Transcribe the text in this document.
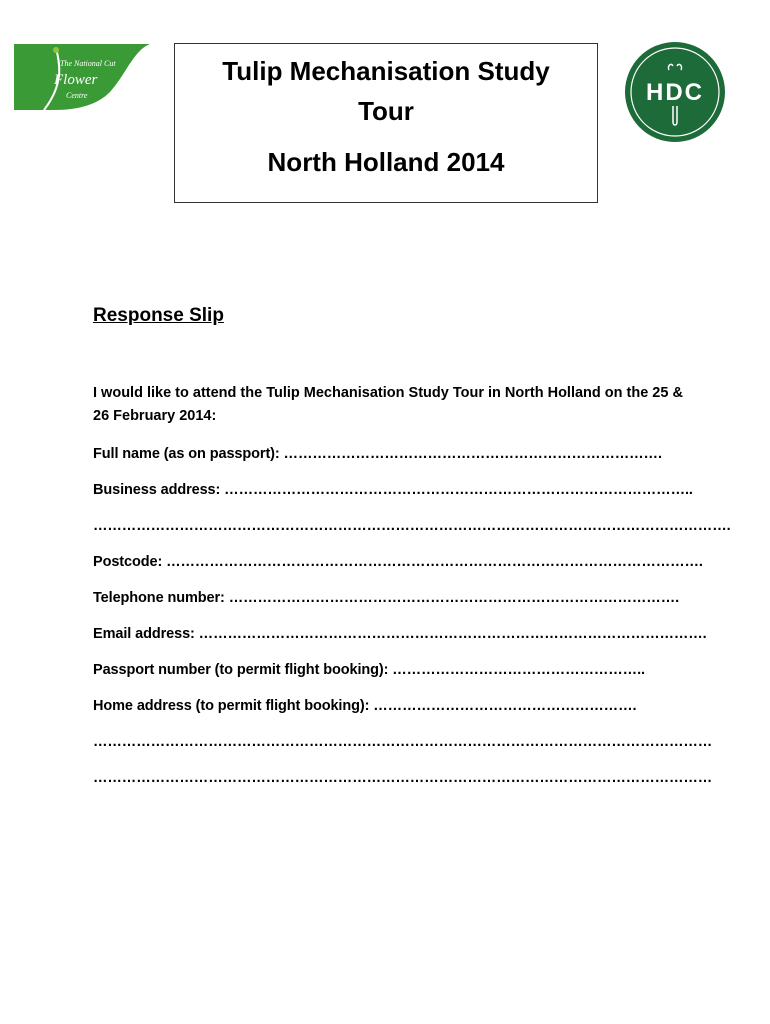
The National Cut
Flower
Centre
Tulip Mechanisation Study
Tour
North Holland 2014
HDC
Response Slip
I would like to attend the Tulip Mechanisation Study Tour in North Holland on the 25 & 26 February 2014:
Full name (as on passport): …………………………………………………………………….
Business address: ……………………………………………………………………………………..
…………………………………………………………………………………………………………………….
Postcode: ………………………………………………………………………………………………….
Telephone number: ………………………………………………………………………………….
Email address: …………………………………………………………………………………………….
Passport number (to permit flight booking): ……………………………………………..
Home address (to permit flight booking): ……………………………………………….
…………………………………………………………………………………………………………………
…………………………………………………………………………………………………………………
